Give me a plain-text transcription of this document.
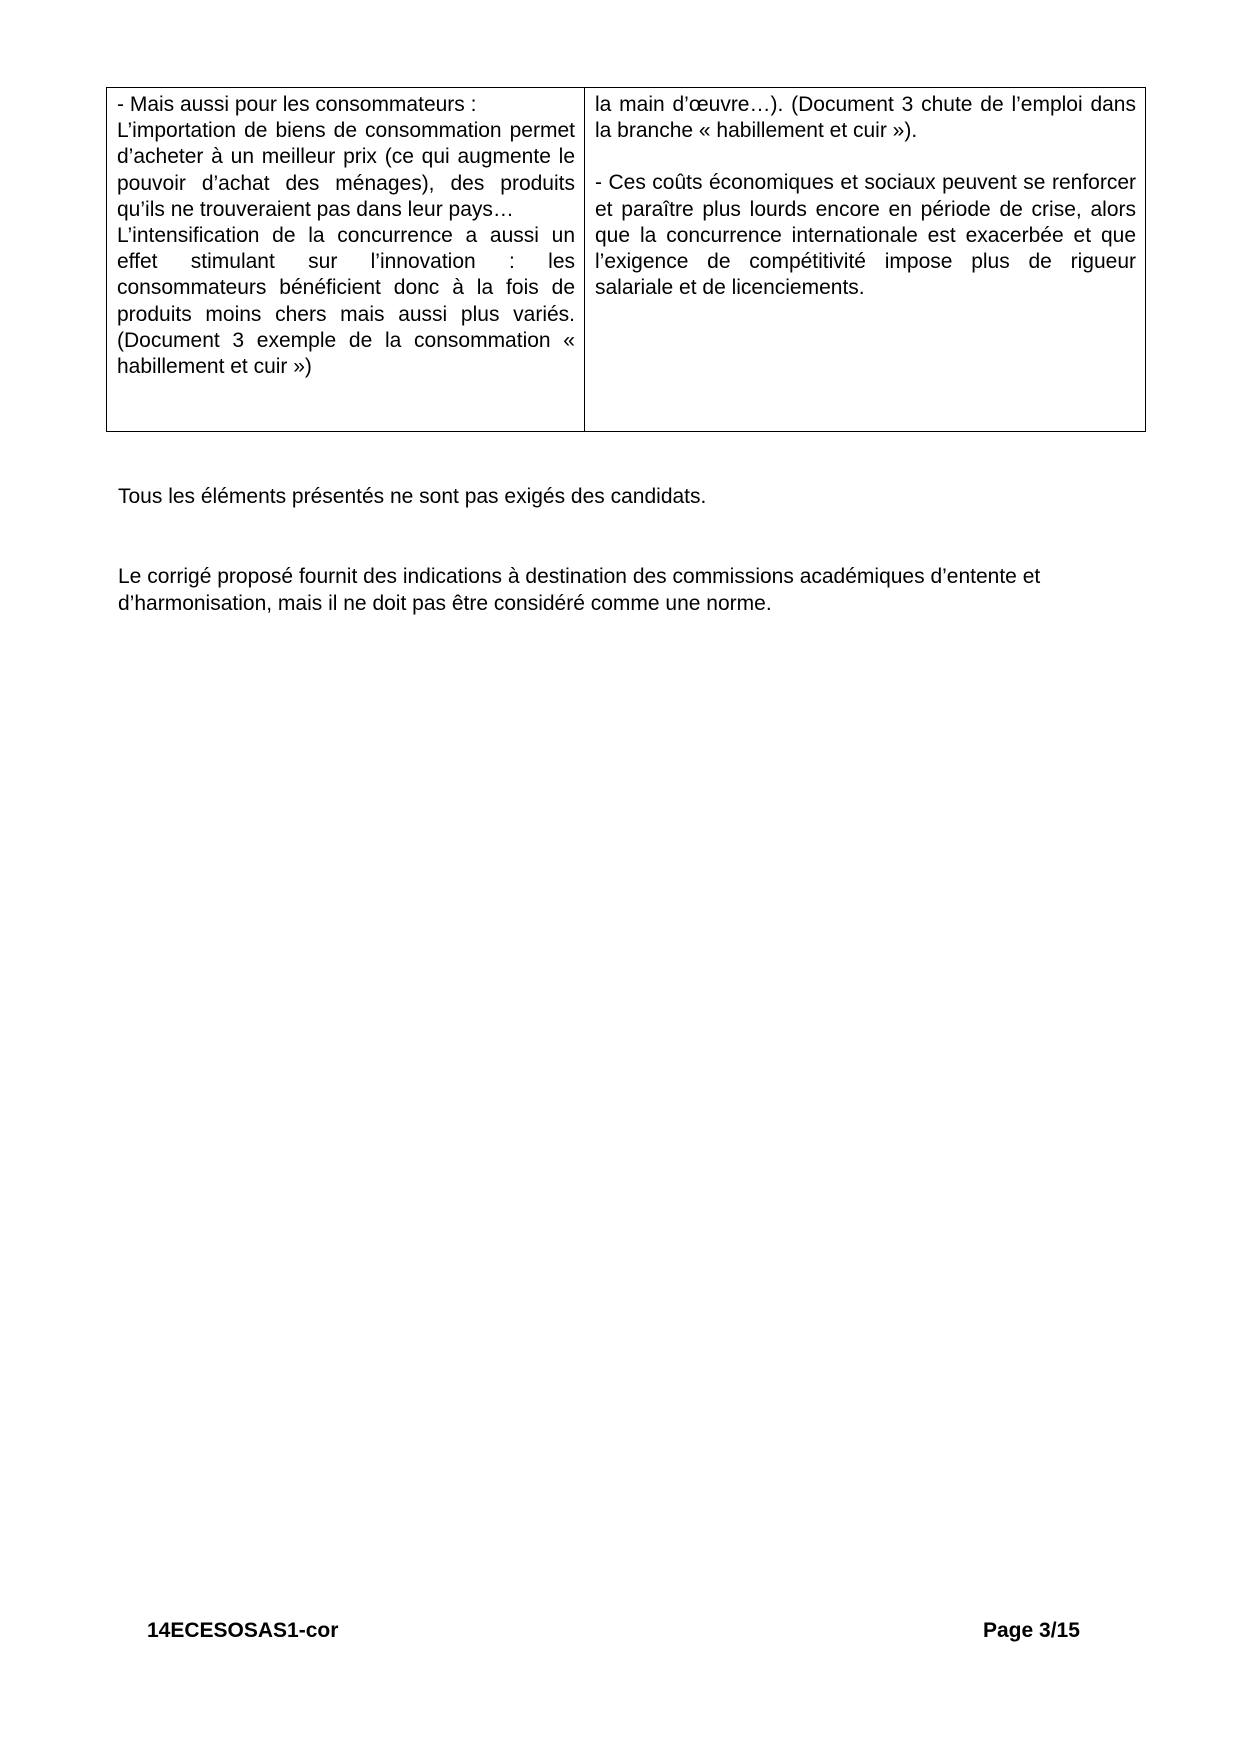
- Mais aussi pour les consommateurs :

L’importation de biens de consommation permet d’acheter à un meilleur prix (ce qui augmente le pouvoir d’achat des ménages), des produits qu’ils ne trouveraient pas dans leur pays…

L’intensification de la concurrence a aussi un effet stimulant sur l’innovation : les consommateurs bénéficient donc à la fois de produits moins chers mais aussi plus variés. (Document 3 exemple de la consommation « habillement et cuir »)

la main d’œuvre…). (Document 3 chute de l’emploi dans la branche « habillement et cuir »).

- Ces coûts économiques et sociaux peuvent se renforcer et paraître plus lourds encore en période de crise, alors que la concurrence internationale est exacerbée et que l’exigence de compétitivité impose plus de rigueur salariale et de licenciements.

Tous les éléments présentés ne sont pas exigés des candidats.
Le corrigé proposé fournit des indications à destination des commissions académiques d’entente et d’harmonisation, mais il ne doit pas être considéré comme une norme.
14ECESOSAS1-cor	Page 3/15
